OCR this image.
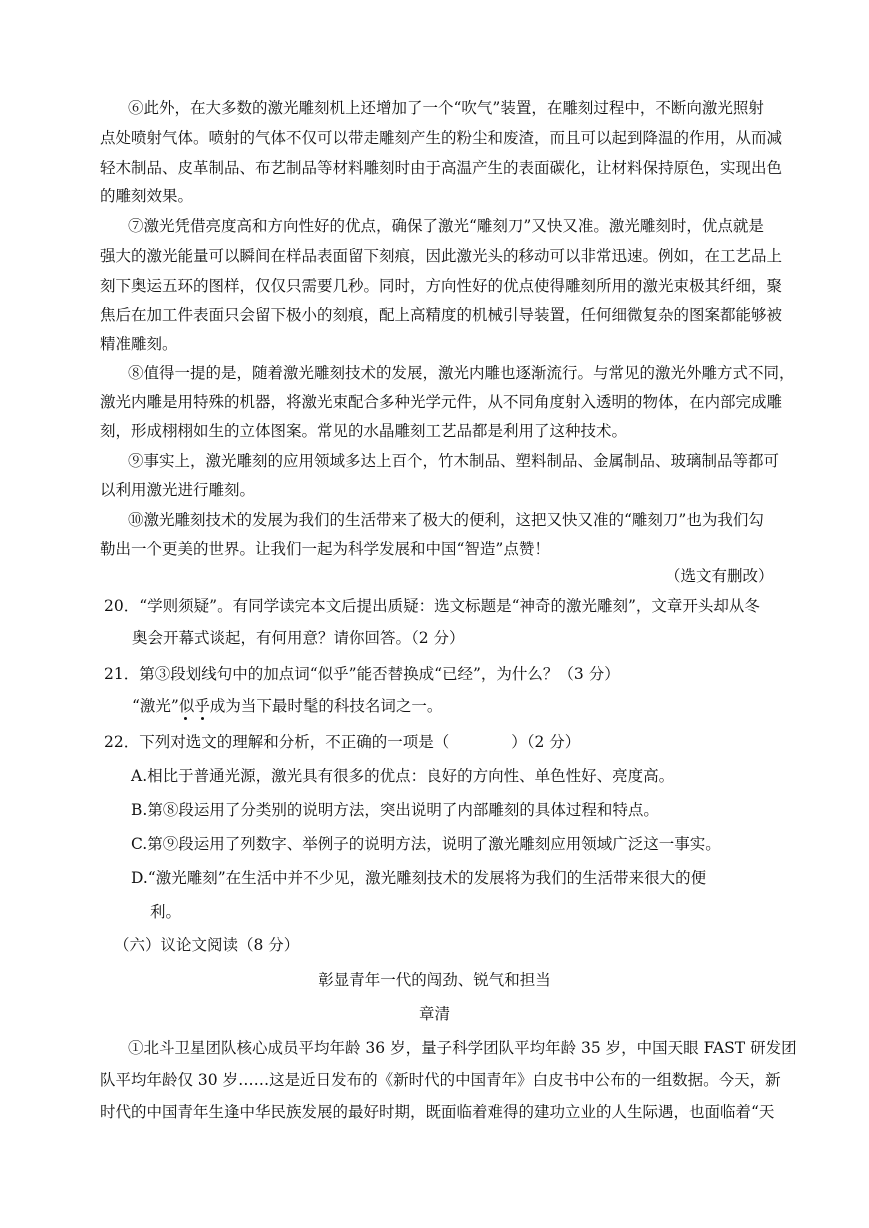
⑥此外，在大多数的激光雕刻机上还增加了一个“吹气”装置，在雕刻过程中，不断向激光照射
点处喷射气体。喷射的气体不仅可以带走雕刻产生的粉尘和废渣，而且可以起到降温的作用，从而减
轻木制品、皮革制品、布艺制品等材料雕刻时由于高温产生的表面碳化，让材料保持原色，实现出色
的雕刻效果。
⑦激光凭借亮度高和方向性好的优点，确保了激光“雕刻刀”又快又准。激光雕刻时，优点就是
强大的激光能量可以瞬间在样品表面留下刻痕，因此激光头的移动可以非常迅速。例如，在工艺品上
刻下奥运五环的图样，仅仅只需要几秒。同时，方向性好的优点使得雕刻所用的激光束极其纤细，聚
焦后在加工件表面只会留下极小的刻痕，配上高精度的机械引导装置，任何细微复杂的图案都能够被
精准雕刻。
⑧值得一提的是，随着激光雕刻技术的发展，激光内雕也逐渐流行。与常见的激光外雕方式不同，
激光内雕是用特殊的机器，将激光束配合多种光学元件，从不同角度射入透明的物体，在内部完成雕
刻，形成栩栩如生的立体图案。常见的水晶雕刻工艺品都是利用了这种技术。
⑨事实上，激光雕刻的应用领域多达上百个，竹木制品、塑料制品、金属制品、玻璃制品等都可
以利用激光进行雕刻。
⑩激光雕刻技术的发展为我们的生活带来了极大的便利，这把又快又准的“雕刻刀”也为我们勾
勒出一个更美的世界。让我们一起为科学发展和中国“智造”点赞！
（选文有删改）
20．“学则须疑”。有同学读完本文后提出质疑：选文标题是“神奇的激光雕刻”，文章开头却从冬
奥会开幕式谈起，有何用意？请你回答。（2 分）
21．第③段划线句中的加点词“似乎”能否替换成“已经”，为什么？（3 分）
“激光”似乎
成为当下最时髦的科技名词之一。
22．下列对选文的理解和分析，不正确的一项是（　　　　）（2 分）
A.相比于普通光源，激光具有很多的优点：良好的方向性、单色性好、亮度高。
B.第⑧段运用了分类别的说明方法，突出说明了内部雕刻的具体过程和特点。
C.第⑨段运用了列数字、举例子的说明方法，说明了激光雕刻应用领域广泛这一事实。
D.“激光雕刻”在生活中并不少见，激光雕刻技术的发展将为我们的生活带来很大的便
利。
（六）议论文阅读（8 分）
彰显青年一代的闯劲、锐气和担当
章清
①北斗卫星团队核心成员平均年龄 36 岁，量子科学团队平均年龄 35 岁，中国天眼 FAST 研发团
队平均年龄仅 30 岁……这是近日发布的《新时代的中国青年》白皮书中公布的一组数据。今天，新
时代的中国青年生逢中华民族发展的最好时期，既面临着难得的建功立业的人生际遇，也面临着“天
